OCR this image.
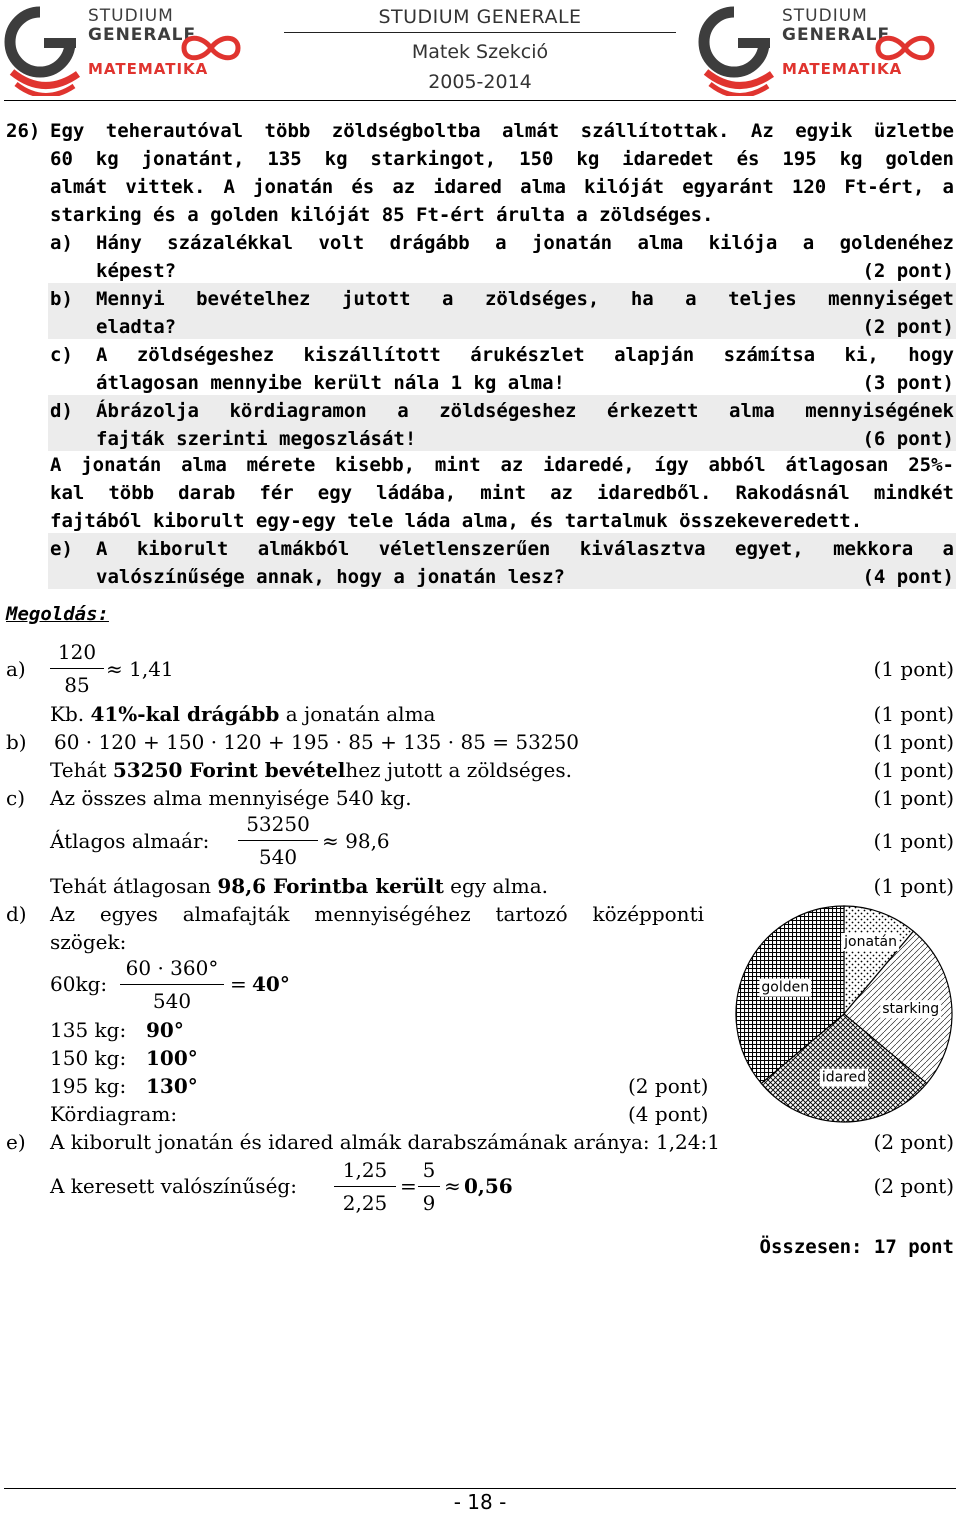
STUDIUM
GENERALE
MATEMATIKA
STUDIUM GENERALE
Matek Szekció
2005-2014
STUDIUM
GENERALE
MATEMATIKA
26) Egy teherautóval több zöldségboltba almát szállítottak. Az egyik üzletbe
60 kg jonatánt, 135 kg starkingot, 150 kg idaredet és 195 kg golden
almát vittek. A jonatán és az idared alma kilóját egyaránt 120 Ft-ért, a
starking és a golden kilóját 85 Ft-ért árulta a zöldséges.
a) Hány százalékkal volt drágább a jonatán alma kilója a goldenéhez
képest?	(2 pont)
b) Mennyi bevételhez jutott a zöldséges, ha a teljes mennyiséget
eladta?	(2 pont)
c) A zöldségeshez kiszállított árukészlet alapján számítsa ki, hogy
átlagosan mennyibe került nála 1 kg alma!	(3 pont)
d) Ábrázolja kördiagramon a zöldségeshez érkezett alma mennyiségének
fajták szerinti megoszlását!	(6 pont)
A jonatán alma mérete kisebb, mint az idaredé, így abból átlagosan 25%-
kal több darab fér egy ládába, mint az idaredből. Rakodásnál mindkét
fajtából kiborult egy-egy tele láda alma, és tartalmuk összekeveredett.
e) A kiborult almákból véletlenszerűen kiválasztva egyet, mekkora a
valószínűsége annak, hogy a jonatán lesz?	(4 pont)
Megoldás:
a)
120
85
≈ 1,41	(1 pont)
Kb. 41%-kal drágább a jonatán alma	(1 pont)
b) 60 · 120 + 150 · 120 + 195 · 85 + 135 · 85 = 53250	(1 pont)
Tehát 53250 Forint bevételhez jutott a zöldséges.	(1 pont)
c) Az összes alma mennyisége 540 kg.	(1 pont)
Átlagos almaár:
53250
540
≈ 98,6	(1 pont)
Tehát átlagosan 98,6 Forintba került egy alma.	(1 pont)
d) Az egyes almafajták mennyiségéhez tartozó középponti
szögek:
60kg:
60 · 360°
540
= 40°
135 kg: 90°
150 kg: 100°
195 kg: 130°	(2 pont)
Kördiagram:	(4 pont)
e) A kiborult jonatán és idared almák darabszámának aránya: 1,24:1	(2 pont)
A keresett valószínűség:
1,25
2,25
=
5
9
≈ 0,56	(2 pont)
Összesen: 17 pont
jonatán
starking
idared
golden
- 18 -
